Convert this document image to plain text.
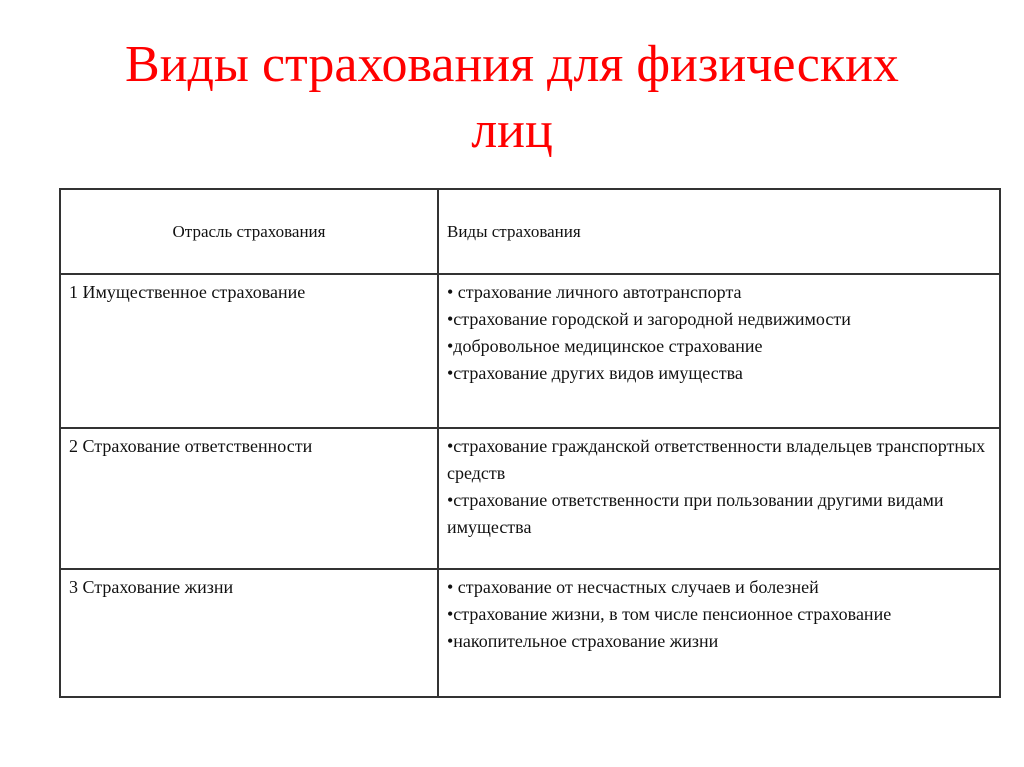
Виды страхования для физических
лиц
Отрасль страхования	Виды страхования
1 Имущественное страхование	• страхование личного автотранспорта
•страхование городской и загородной недвижимости
•добровольное медицинское страхование
•страхование других видов имущества

2 Страхование ответственности	•страхование гражданской ответственности владельцев транспортных средств
•страхование ответственности при пользовании другими видами имущества

3 Страхование жизни	• страхование от несчастных случаев и болезней
•страхование жизни, в том числе пенсионное страхование
•накопительное страхование жизни
